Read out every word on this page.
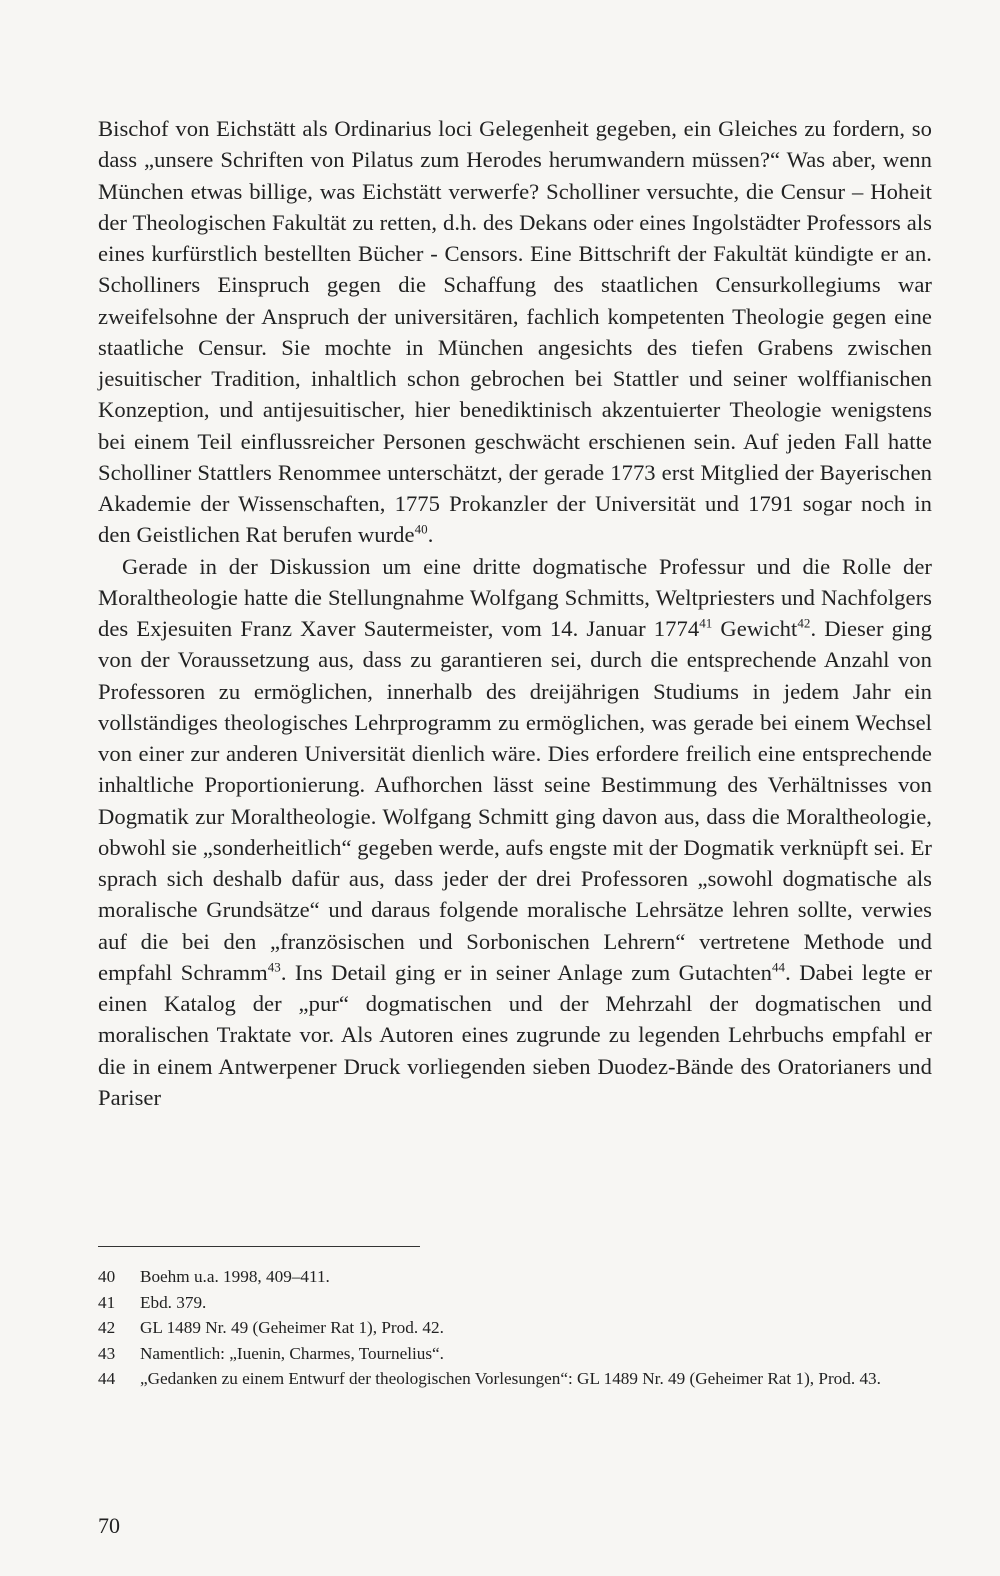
Bischof von Eichstätt als Ordinarius loci Gelegenheit gegeben, ein Gleiches zu fordern, so dass „unsere Schriften von Pilatus zum Herodes herumwandern müssen?“ Was aber, wenn München etwas billige, was Eichstätt verwerfe? Scholliner versuchte, die Censur – Hoheit der Theologischen Fakultät zu retten, d.h. des Dekans oder eines Ingolstädter Professors als eines kurfürstlich bestellten Bücher - Censors. Eine Bittschrift der Fakultät kündigte er an. Scholliners Einspruch gegen die Schaffung des staatlichen Censurkollegiums war zweifelsohne der Anspruch der universitären, fachlich kompetenten Theologie gegen eine staatliche Censur. Sie mochte in München angesichts des tiefen Grabens zwischen jesuitischer Tradition, inhaltlich schon gebrochen bei Stattler und seiner wolffianischen Konzeption, und antijesuitischer, hier benediktinisch akzentuierter Theologie wenigstens bei einem Teil einflussreicher Personen geschwächt erschienen sein. Auf jeden Fall hatte Scholliner Stattlers Renommee unterschätzt, der gerade 1773 erst Mitglied der Bayerischen Akademie der Wissenschaften, 1775 Prokanzler der Universität und 1791 sogar noch in den Geistlichen Rat berufen wurde$^{40}$.

Gerade in der Diskussion um eine dritte dogmatische Professur und die Rolle der Moraltheologie hatte die Stellungnahme Wolfgang Schmitts, Weltpriesters und Nachfolgers des Exjesuiten Franz Xaver Sautermeister, vom 14. Januar 1774$^{41}$ Gewicht$^{42}$. Dieser ging von der Voraussetzung aus, dass zu garantieren sei, durch die entsprechende Anzahl von Professoren zu ermöglichen, innerhalb des dreijährigen Studiums in jedem Jahr ein vollständiges theologisches Lehrprogramm zu ermöglichen, was gerade bei einem Wechsel von einer zur anderen Universität dienlich wäre. Dies erfordere freilich eine entsprechende inhaltliche Proportionierung. Aufhorchen lässt seine Bestimmung des Verhältnisses von Dogmatik zur Moraltheologie. Wolfgang Schmitt ging davon aus, dass die Moraltheologie, obwohl sie „sonderheitlich“ gegeben werde, aufs engste mit der Dogmatik verknüpft sei. Er sprach sich deshalb dafür aus, dass jeder der drei Professoren „sowohl dogmatische als moralische Grundsätze“ und daraus folgende moralische Lehrsätze lehren sollte, verwies auf die bei den „französischen und Sorbonischen Lehrern“ vertretene Methode und empfahl Schramm$^{43}$. Ins Detail ging er in seiner Anlage zum Gutachten$^{44}$. Dabei legte er einen Katalog der „pur“ dogmatischen und der Mehrzahl der dogmatischen und moralischen Traktate vor. Als Autoren eines zugrunde zu legenden Lehrbuchs empfahl er die in einem Antwerpener Druck vorliegenden sieben Duodez-Bände des Oratorianers und Pariser

40	Boehm u.a. 1998, 409–411.
41	Ebd. 379.
42	GL 1489 Nr. 49 (Geheimer Rat 1), Prod. 42.
43	Namentlich: „Iuenin, Charmes, Tournelius“.
44	„Gedanken zu einem Entwurf der theologischen Vorlesungen“: GL 1489 Nr. 49 (Geheimer Rat 1), Prod. 43.
70
